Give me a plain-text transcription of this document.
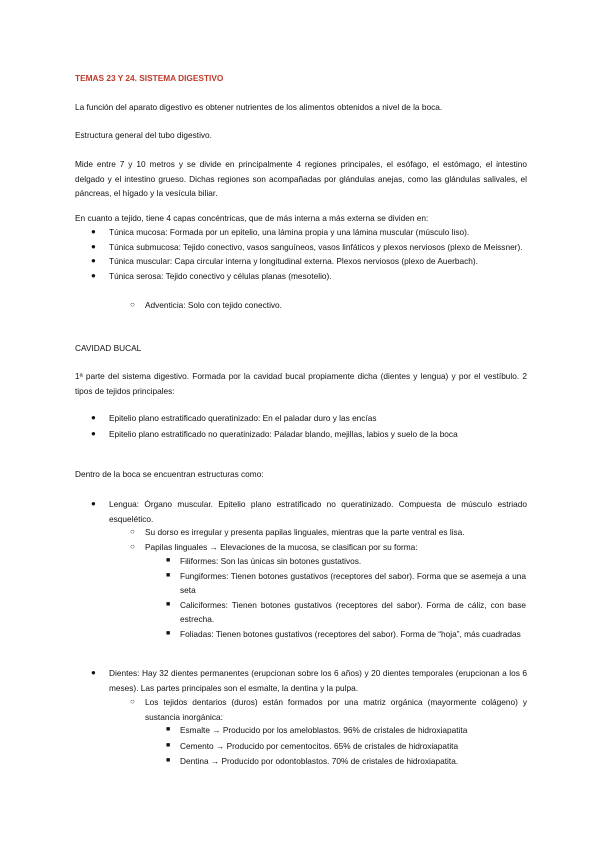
TEMAS 23 Y 24. SISTEMA DIGESTIVO

La función del aparato digestivo es obtener nutrientes de los alimentos obtenidos a nivel de la boca.

Estructura general del tubo digestivo.

Mide entre 7 y 10 metros y se divide en principalmente 4 regiones principales, el esófago, el estómago, el intestino delgado y el intestino grueso. Dichas regiones son acompañadas por glándulas anejas, como las glándulas salivales, el páncreas, el hígado y la vesícula biliar.

En cuanto a tejido, tiene 4 capas concéntricas, que de más interna a más externa se dividen en:

● Túnica mucosa: Formada por un epitelio, una lámina propia y una lámina muscular (músculo liso).
● Túnica submucosa: Tejido conectivo, vasos sanguíneos, vasos linfáticos y plexos nerviosos (plexo de Meissner).
● Túnica muscular: Capa circular interna y longitudinal externa. Plexos nerviosos (plexo de Auerbach).
● Túnica serosa: Tejido conectivo y células planas (mesotelio).
○ Adventicia: Solo con tejido conectivo.

CAVIDAD BUCAL

1ª parte del sistema digestivo. Formada por la cavidad bucal propiamente dicha (dientes y lengua) y por el vestíbulo. 2 tipos de tejidos principales:

● Epitelio plano estratificado queratinizado: En el paladar duro y las encías
● Epitelio plano estratificado no queratinizado: Paladar blando, mejillas, labios y suelo de la boca

Dentro de la boca se encuentran estructuras como:

● Lengua: Órgano muscular. Epitelio plano estratificado no queratinizado. Compuesta de músculo estriado esquelético.
○ Su dorso es irregular y presenta papilas linguales, mientras que la parte ventral es lisa.
○ Papilas linguales → Elevaciones de la mucosa, se clasifican por su forma:
■ Filiformes: Son las únicas sin botones gustativos.
■ Fungiformes: Tienen botones gustativos (receptores del sabor). Forma que se asemeja a una seta
■ Caliciformes: Tienen botones gustativos (receptores del sabor). Forma de cáliz, con base estrecha.
■ Foliadas: Tienen botones gustativos (receptores del sabor). Forma de “hoja”, más cuadradas
● Dientes: Hay 32 dientes permanentes (erupcionan sobre los 6 años) y 20 dientes temporales (erupcionan a los 6 meses). Las partes principales son el esmalte, la dentina y la pulpa.
○ Los tejidos dentarios (duros) están formados por una matriz orgánica (mayormente colágeno) y sustancia inorgánica:
■ Esmalte → Producido por los ameloblastos. 96% de cristales de hidroxiapatita
■ Cemento → Producido por cementocitos. 65% de cristales de hidroxiapatita
■ Dentina → Producido por odontoblastos. 70% de cristales de hidroxiapatita.
